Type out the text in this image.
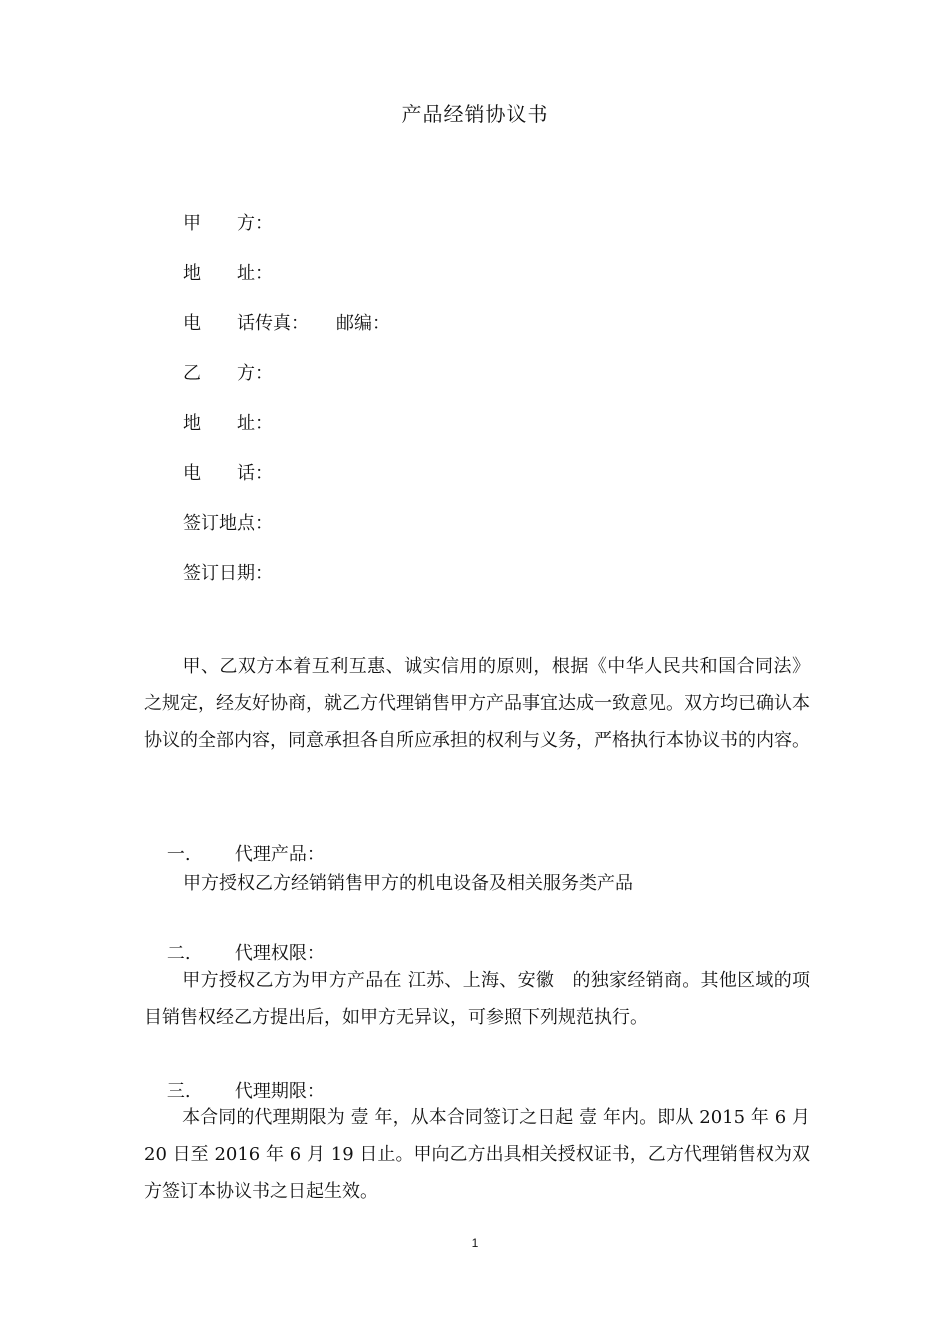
产品经销协议书
甲　　方：
地　　址：
电　　话传真：　　邮编：
乙　　方：
地　　址：
电　　话：
签订地点：
签订日期：
甲、乙双方本着互利互惠、诚实信用的原则，根据《中华人民共和国合同法》之规定，经友好协商，就乙方代理销售甲方产品事宜达成一致意见。双方均已确认本协议的全部内容，同意承担各自所应承担的权利与义务，严格执行本协议书的内容。

一. 代理产品：

甲方授权乙方经销销售甲方的机电设备及相关服务类产品

二. 代理权限：

甲方授权乙方为甲方产品在 江苏、上海、安徽　的独家经销商。其他区域的项目销售权经乙方提出后，如甲方无异议，可参照下列规范执行。

三. 代理期限：

本合同的代理期限为 壹 年，从本合同签订之日起 壹 年内。即从 2015 年 6 月 20 日至 2016 年 6 月 19 日止。甲向乙方出具相关授权证书，乙方代理销售权为双方签订本协议书之日起生效。
1
